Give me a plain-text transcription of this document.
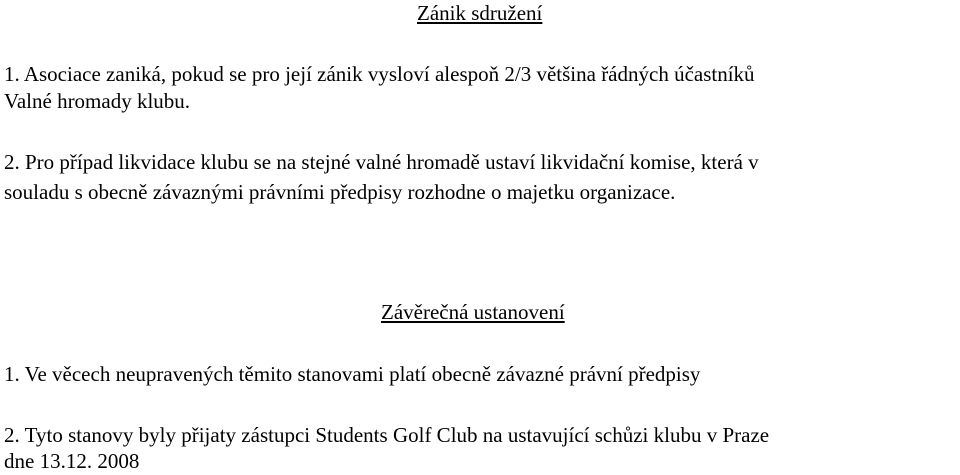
Zánik sdružení
1. Asociace zaniká, pokud se pro její zánik vysloví alespoň 2/3 většina řádných účastníků
Valné hromady klubu.
2. Pro případ likvidace klubu se na stejné valné hromadě ustaví likvidační komise, která v
souladu s obecně závaznými právními předpisy rozhodne o majetku organizace.
Závěrečná ustanovení
1. Ve věcech neupravených těmito stanovami platí obecně závazné právní předpisy
2. Tyto stanovy byly přijaty zástupci Students Golf Club na ustavující schůzi klubu v Praze
dne 13.12. 2008
